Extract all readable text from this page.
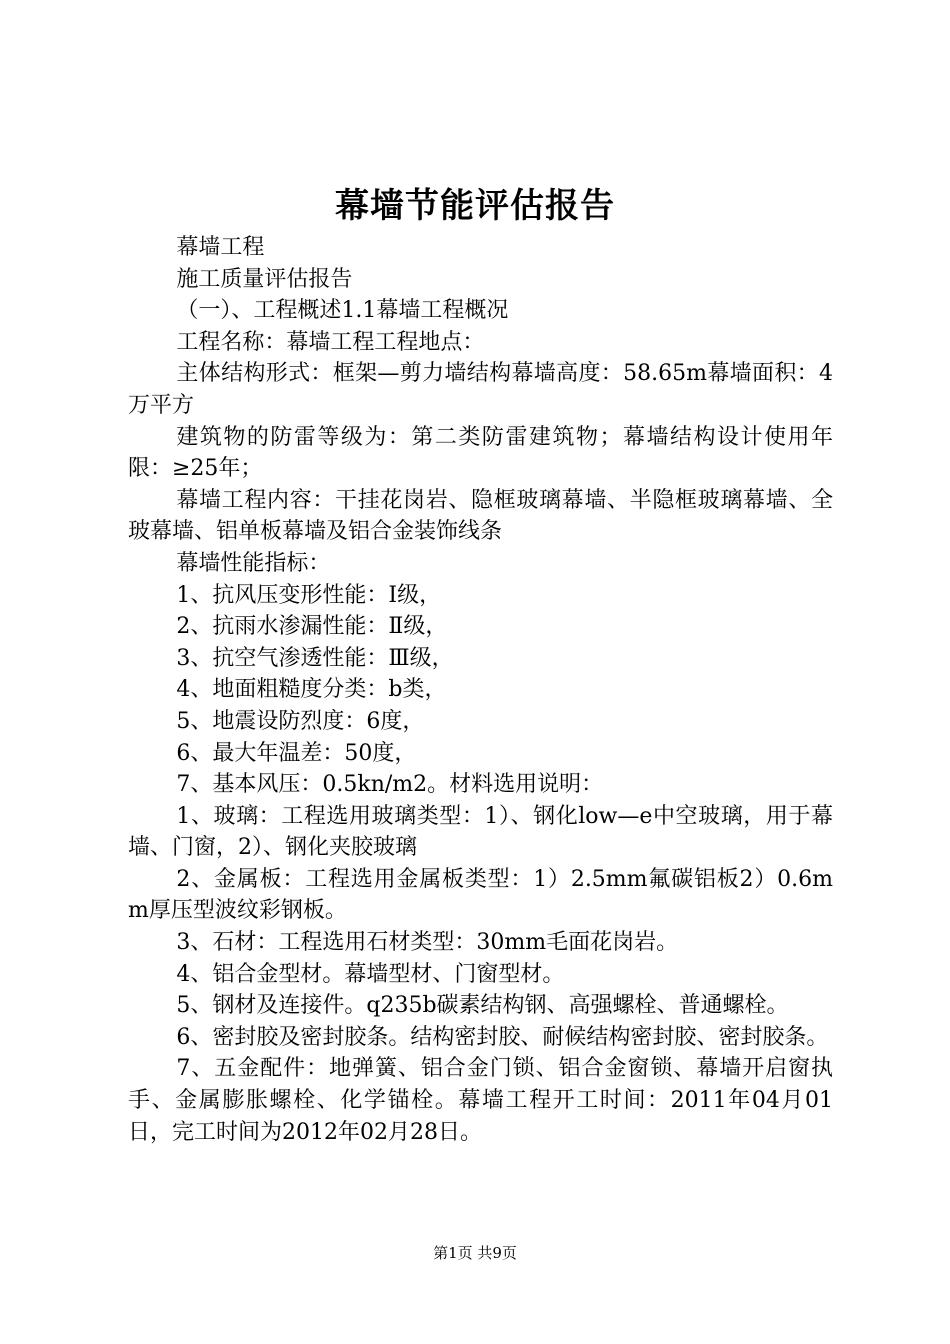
幕墙节能评估报告

幕墙工程

施工质量评估报告

（一）、工程概述1.1幕墙工程概况

工程名称：幕墙工程工程地点：

主体结构形式：框架—剪力墙结构幕墙高度：58.65m幕墙面积：4万平方

建筑物的防雷等级为：第二类防雷建筑物；幕墙结构设计使用年限：≥25年；

幕墙工程内容：干挂花岗岩、隐框玻璃幕墙、半隐框玻璃幕墙、全玻幕墙、铝单板幕墙及铝合金装饰线条

幕墙性能指标：

1、抗风压变形性能：Ⅰ级，

2、抗雨水渗漏性能：Ⅱ级，

3、抗空气渗透性能：Ⅲ级，

4、地面粗糙度分类：b类，

5、地震设防烈度：6度，

6、最大年温差：50度，

7、基本风压：0.5kn/m2。材料选用说明：

1、玻璃：工程选用玻璃类型：1）、钢化low—e中空玻璃，用于幕墙、门窗，2）、钢化夹胶玻璃

2、金属板：工程选用金属板类型：1）2.5mm氟碳铝板2）0.6mm厚压型波纹彩钢板。

3、石材：工程选用石材类型：30mm毛面花岗岩。

4、铝合金型材。幕墙型材、门窗型材。

5、钢材及连接件。q235b碳素结构钢、高强螺栓、普通螺栓。

6、密封胶及密封胶条。结构密封胶、耐候结构密封胶、密封胶条。

7、五金配件：地弹簧、铝合金门锁、铝合金窗锁、幕墙开启窗执手、金属膨胀螺栓、化学锚栓。幕墙工程开工时间：2011年04月01日，完工时间为2012年02月28日。

第1页 共9页
